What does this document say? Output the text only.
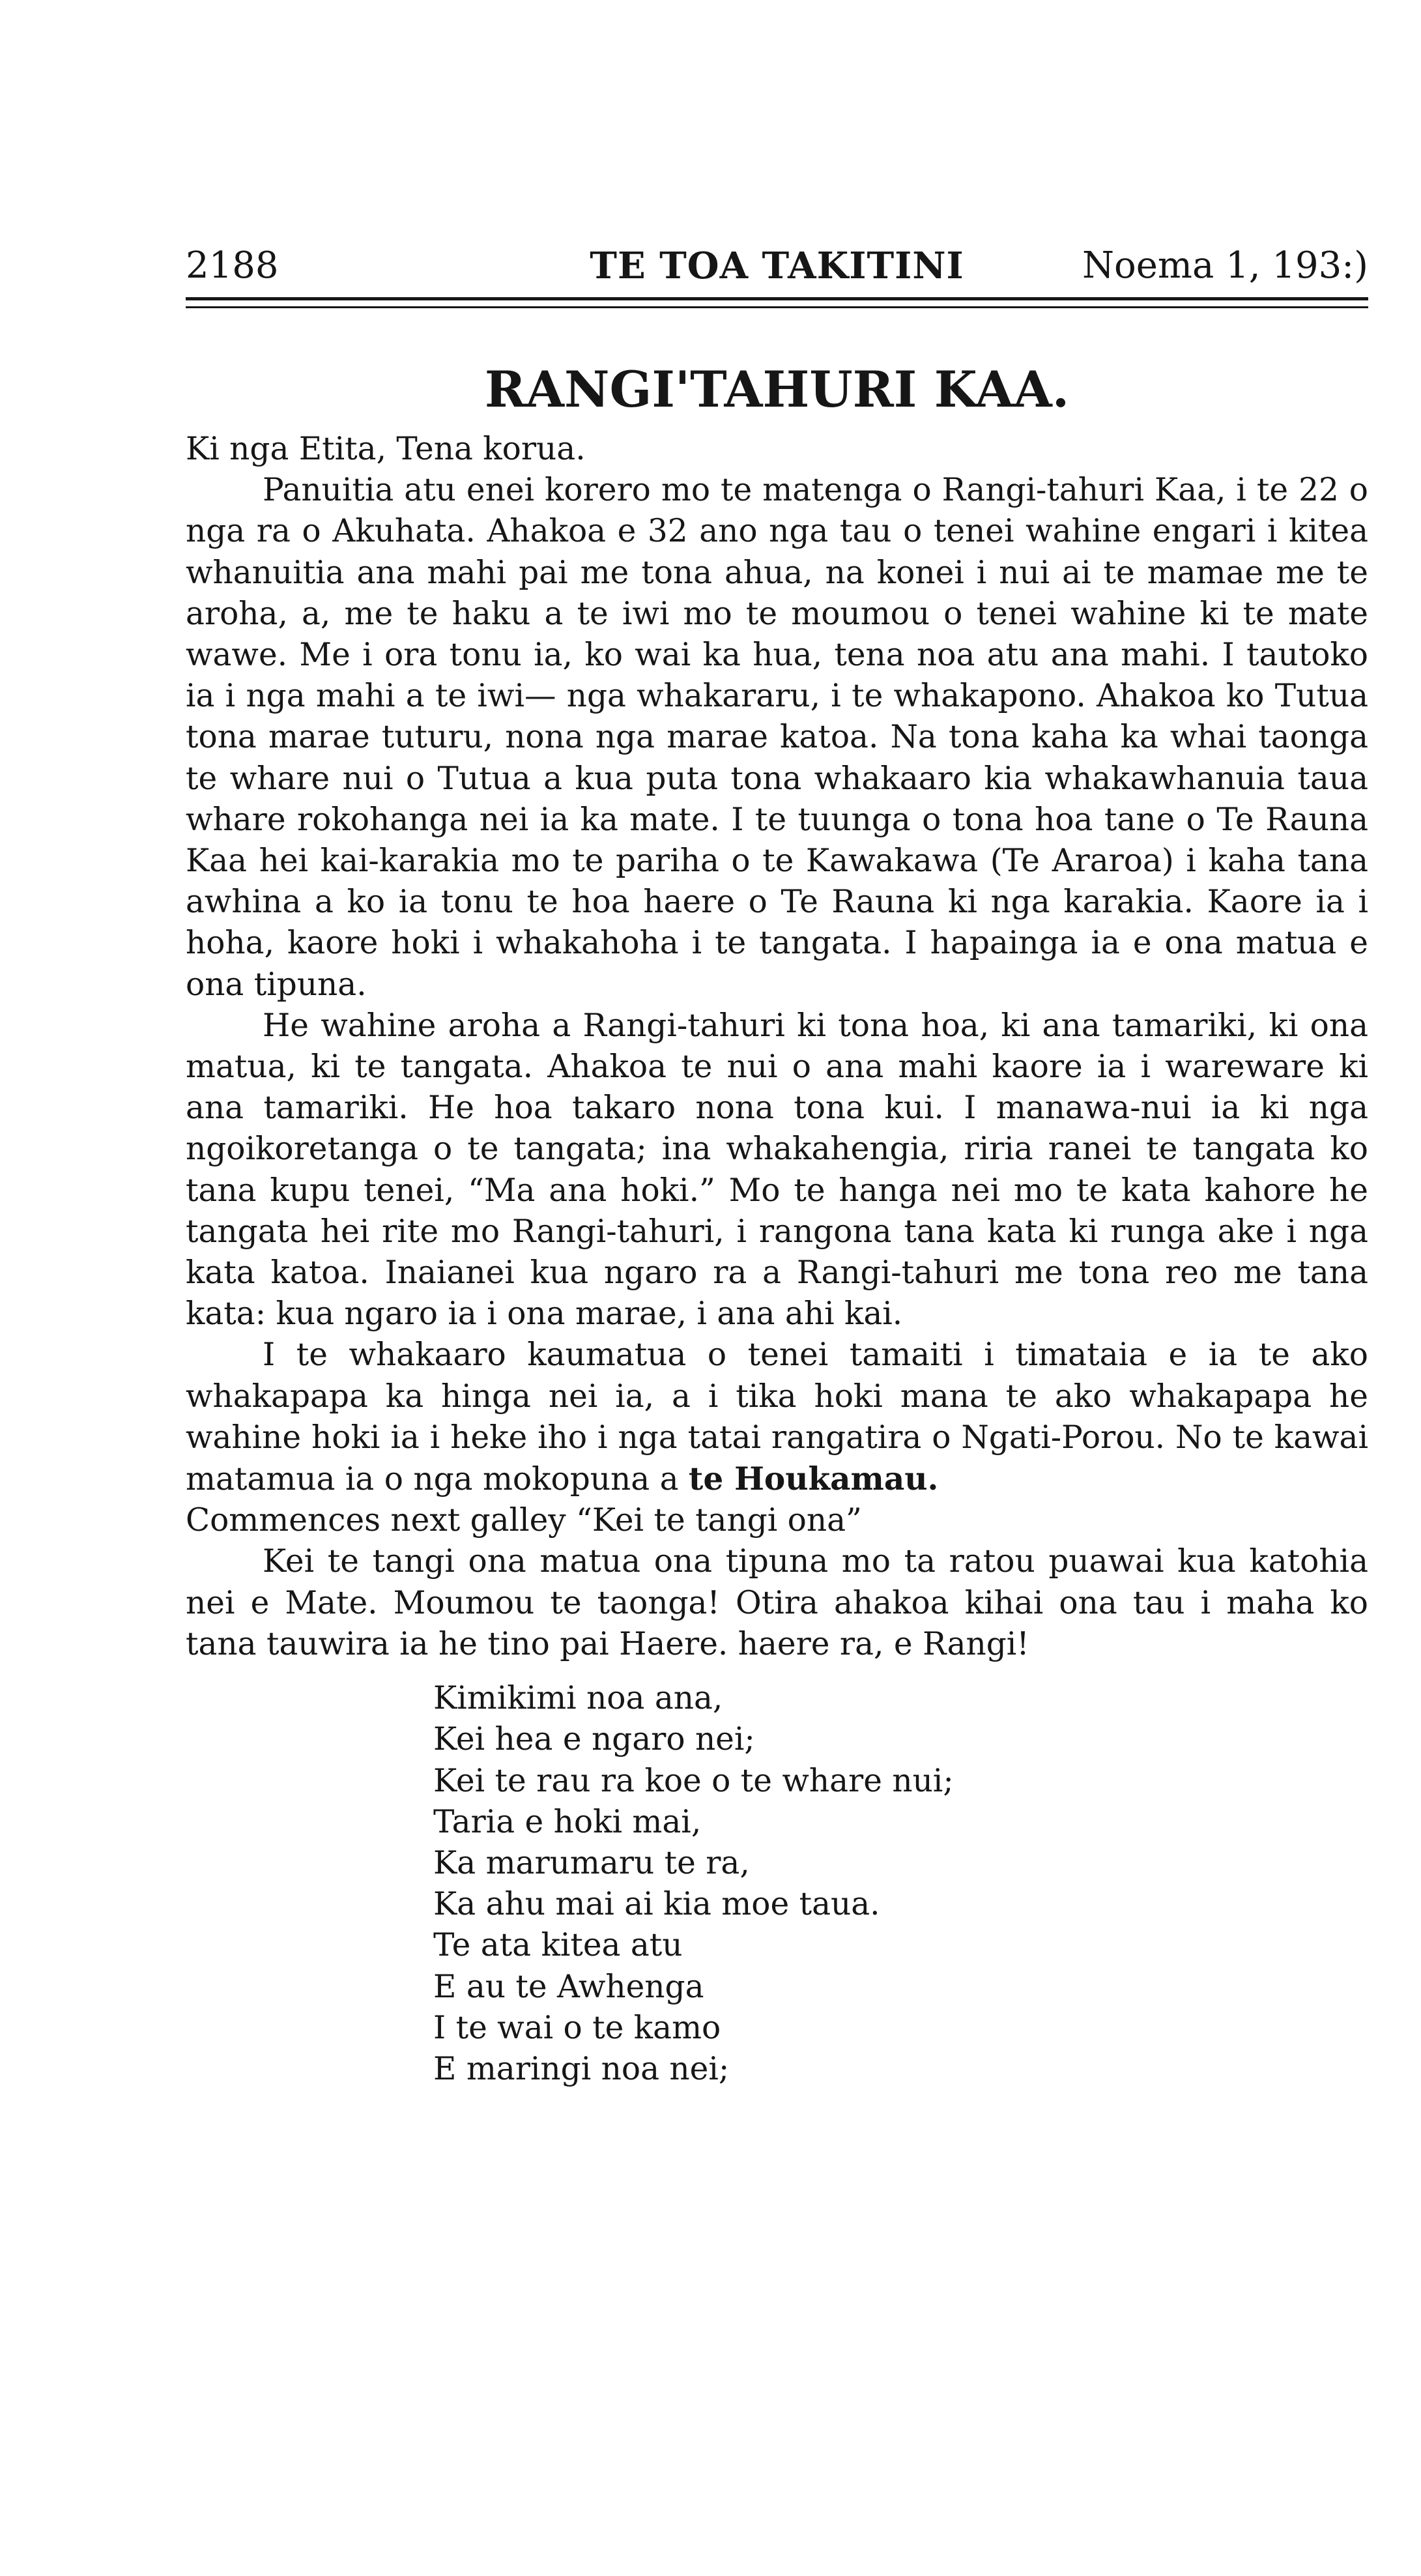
2188	TE TOA TAKITINI	Noema 1, 193:)
RANGI'TAHURI KAA.

Ki nga Etita, Tena korua.

Panuitia atu enei korero mo te matenga o Rangi-tahuri Kaa, i te 22 o nga ra o Akuhata. Ahakoa e 32 ano nga tau o tenei wahine engari i kitea whanuitia ana mahi pai me tona ahua, na konei i nui ai te mamae me te aroha, a, me te haku a te iwi mo te moumou o tenei wahine ki te mate wawe. Me i ora tonu ia, ko wai ka hua, tena noa atu ana mahi. I tautoko ia i nga mahi a te iwi— nga whakararu, i te whakapono. Ahakoa ko Tutua tona marae tuturu, nona nga marae katoa. Na tona kaha ka whai taonga te whare nui o Tutua a kua puta tona whakaaro kia whakawhanuia taua whare rokohanga nei ia ka mate. I te tuunga o tona hoa tane o Te Rauna Kaa hei kai-karakia mo te pariha o te Kawakawa (Te Araroa) i kaha tana awhina a ko ia tonu te hoa haere o Te Rauna ki nga karakia. Kaore ia i hoha, kaore hoki i whakahoha i te tangata. I hapainga ia e ona matua e ona tipuna.

He wahine aroha a Rangi-tahuri ki tona hoa, ki ana tamariki, ki ona matua, ki te tangata. Ahakoa te nui o ana mahi kaore ia i wareware ki ana tamariki. He hoa takaro nona tona kui. I manawa-nui ia ki nga ngoikoretanga o te tangata; ina whakahengia, riria ranei te tangata ko tana kupu tenei, “Ma ana hoki.” Mo te hanga nei mo te kata kahore he tangata hei rite mo Rangi-tahuri, i rangona tana kata ki runga ake i nga kata katoa. Inaianei kua ngaro ra a Rangi-tahuri me tona reo me tana kata: kua ngaro ia i ona marae, i ana ahi kai.

I te whakaaro kaumatua o tenei tamaiti i timataia e ia te ako whakapapa ka hinga nei ia, a i tika hoki mana te ako whakapapa he wahine hoki ia i heke iho i nga tatai rangatira o Ngati-Porou. No te kawai matamua ia o nga mokopuna a te Houkamau.

Commences next galley “Kei te tangi ona”

Kei te tangi ona matua ona tipuna mo ta ratou puawai kua katohia nei e Mate. Moumou te taonga! Otira ahakoa kihai ona tau i maha ko tana tauwira ia he tino pai Haere. haere ra, e Rangi!

Kimikimi noa ana,
Kei hea e ngaro nei;
Kei te rau ra koe o te whare nui;
Taria e hoki mai,
Ka marumaru te ra,
Ka ahu mai ai kia moe taua.
Te ata kitea atu
E au te Awhenga
I te wai o te kamo
E maringi noa nei;
